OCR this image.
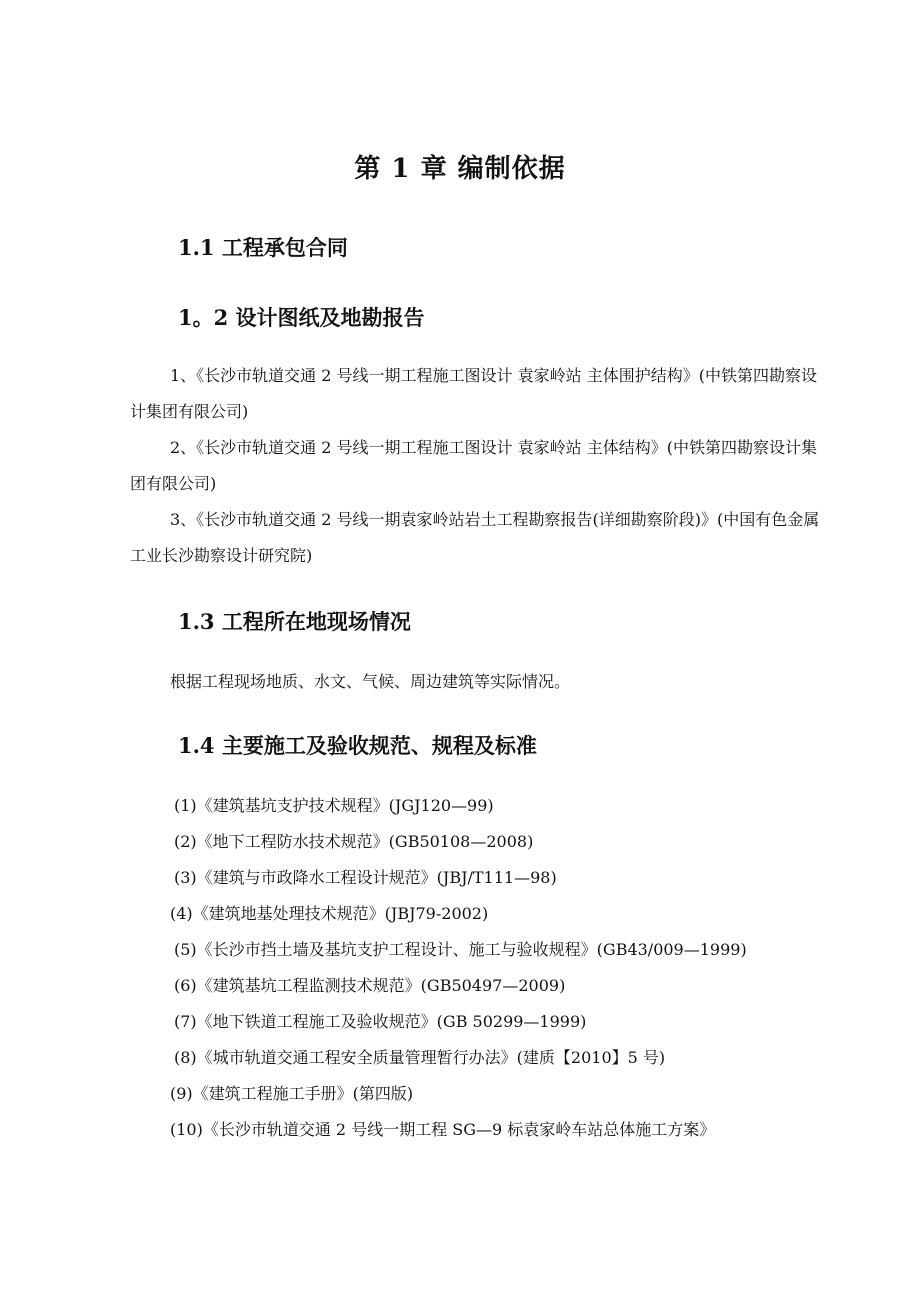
第 1 章 编制依据
1.1 工程承包合同
1。2 设计图纸及地勘报告

1、《长沙市轨道交通 2 号线一期工程施工图设计 袁家岭站 主体围护结构》(中铁第四勘察设计集团有限公司)

2、《长沙市轨道交通 2 号线一期工程施工图设计 袁家岭站 主体结构》(中铁第四勘察设计集团有限公司)

3、《长沙市轨道交通 2 号线一期袁家岭站岩土工程勘察报告(详细勘察阶段)》(中国有色金属工业长沙勘察设计研究院)

1.3 工程所在地现场情况

根据工程现场地质、水文、气候、周边建筑等实际情况。

1.4 主要施工及验收规范、规程及标准
(1)《建筑基坑支护技术规程》(JGJ120—99)
(2)《地下工程防水技术规范》(GB50108—2008)
(3)《建筑与市政降水工程设计规范》(JBJ/T111—98)
(4)《建筑地基处理技术规范》(JBJ79-2002)
(5)《长沙市挡土墙及基坑支护工程设计、施工与验收规程》(GB43/009—1999)
(6)《建筑基坑工程监测技术规范》(GB50497—2009)
(7)《地下铁道工程施工及验收规范》(GB 50299—1999)
(8)《城市轨道交通工程安全质量管理暂行办法》(建质【2010】5 号)
(9)《建筑工程施工手册》(第四版)
(10)《长沙市轨道交通 2 号线一期工程 SG—9 标袁家岭车站总体施工方案》
